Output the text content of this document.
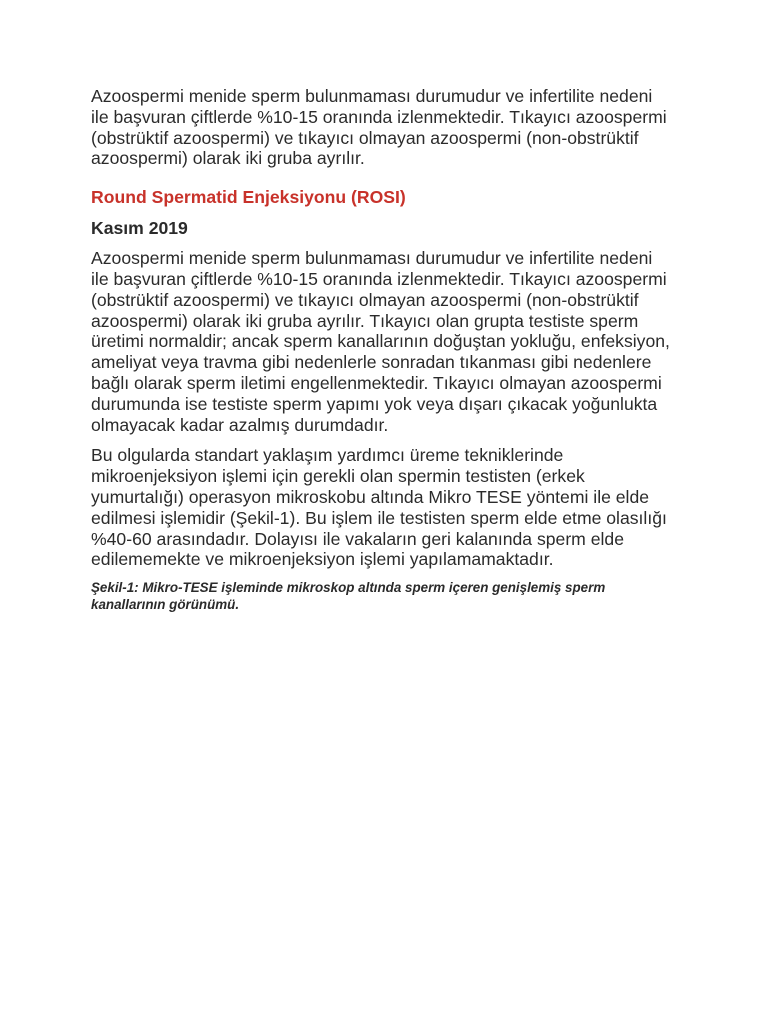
Azoospermi menide sperm bulunmaması durumudur ve infertilite nedeni ile başvuran çiftlerde %10-15 oranında izlenmektedir. Tıkayıcı azoospermi (obstrüktif azoospermi) ve tıkayıcı olmayan azoospermi (non-obstrüktif azoospermi) olarak iki gruba ayrılır.

Round Spermatid Enjeksiyonu (ROSI)
Kasım 2019

Azoospermi menide sperm bulunmaması durumudur ve infertilite nedeni ile başvuran çiftlerde %10-15 oranında izlenmektedir. Tıkayıcı azoospermi (obstrüktif azoospermi) ve tıkayıcı olmayan azoospermi (non-obstrüktif azoospermi) olarak iki gruba ayrılır. Tıkayıcı olan grupta testiste sperm üretimi normaldir; ancak sperm kanallarının doğuştan yokluğu, enfeksiyon, ameliyat veya travma gibi nedenlerle sonradan tıkanması gibi nedenlere bağlı olarak sperm iletimi engellenmektedir. Tıkayıcı olmayan azoospermi durumunda ise testiste sperm yapımı yok veya dışarı çıkacak yoğunlukta olmayacak kadar azalmış durumdadır.

Bu olgularda standart yaklaşım yardımcı üreme tekniklerinde mikroenjeksiyon işlemi için gerekli olan spermin testisten (erkek yumurtalığı) operasyon mikroskobu altında Mikro TESE yöntemi ile elde edilmesi işlemidir (Şekil-1). Bu işlem ile testisten sperm elde etme olasılığı %40-60 arasındadır. Dolayısı ile vakaların geri kalanında sperm elde edilememekte ve mikroenjeksiyon işlemi yapılamamaktadır.

Şekil-1: Mikro-TESE işleminde mikroskop altında sperm içeren genişlemiş sperm kanallarının görünümü.
